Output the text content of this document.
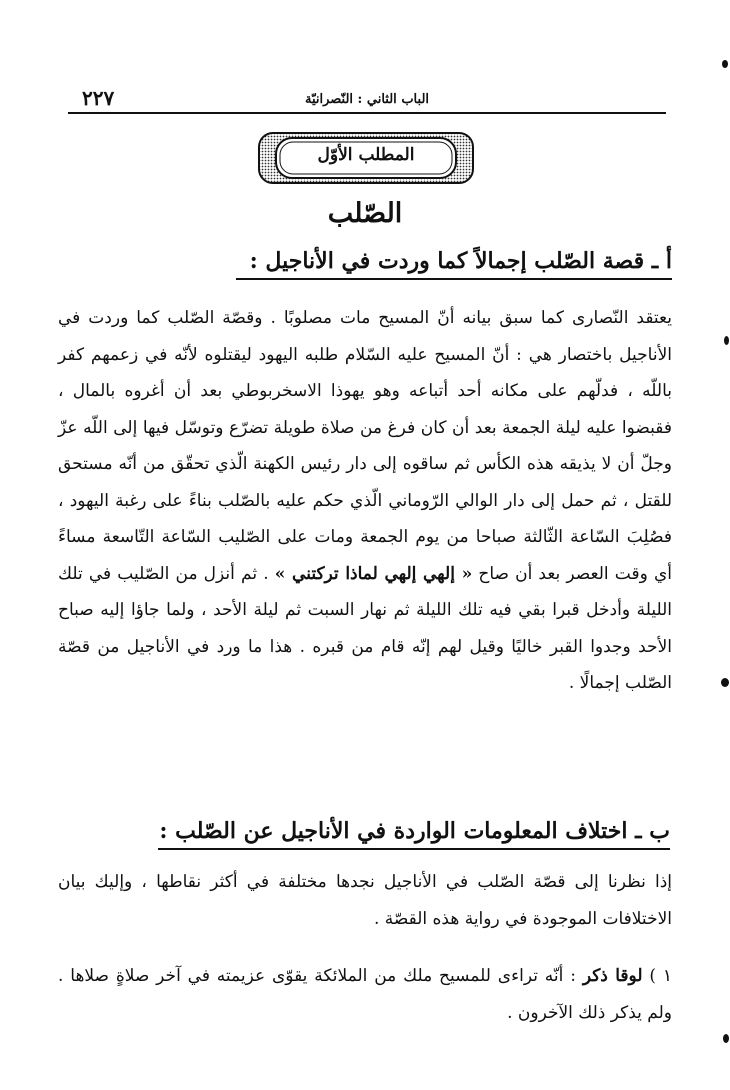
٢٢٧	الباب الثاني : النّصرانيّة
المطلب الأوّل
الصّلب
أ ـ قصة الصّلب إجمالاً كما وردت في الأناجيل :
يعتقد النّصارى كما سبق بيانه أنّ المسيح مات مصلوبًا . وقصّة الصّلب كما وردت في الأناجيل باختصار هي : أنّ المسيح عليه السّلام طلبه اليهود ليقتلوه لأنّه في زعمهم كفر باللّه ، فدلّهم على مكانه أحد أتباعه وهو يهوذا الاسخربوطي بعد أن أغروه بالمال ، فقبضوا عليه ليلة الجمعة بعد أن كان فرغ من صلاة طويلة تضرّع وتوسّل فيها إلى اللّه عزّ وجلّ أن لا يذيقه هذه الكأس ثم ساقوه إلى دار رئيس الكهنة الّذي تحقّق من أنّه مستحق للقتل ، ثم حمل إلى دار الوالي الرّوماني الّذي حكم عليه بالصّلب بناءً على رغبة اليهود ، فصُلِبَ السّاعة الثّالثة صباحا من يوم الجمعة ومات على الصّليب السّاعة التّاسعة مساءً أي وقت العصر بعد أن صاح « إلهي إلهي لماذا تركتني » . ثم أنزل من الصّليب في تلك الليلة وأدخل قبرا بقي فيه تلك الليلة ثم نهار السبت ثم ليلة الأحد ، ولما جاؤا إليه صباح الأحد وجدوا القبر خاليًا وقيل لهم إنّه قام من قبره . هذا ما ورد في الأناجيل من قصّة الصّلب إجمالًا .
ب ـ اختلاف المعلومات الواردة في الأناجيل عن الصّلب :
إذا نظرنا إلى قصّة الصّلب في الأناجيل نجدها مختلفة في أكثر نقاطها ، وإليك بيان الاختلافات الموجودة في رواية هذه القصّة .
١ ) لوقا ذكر : أنّه تراءى للمسيح ملك من الملائكة يقوّى عزيمته في آخر صلاةٍ صلاها . ولم يذكر ذلك الآخرون .
